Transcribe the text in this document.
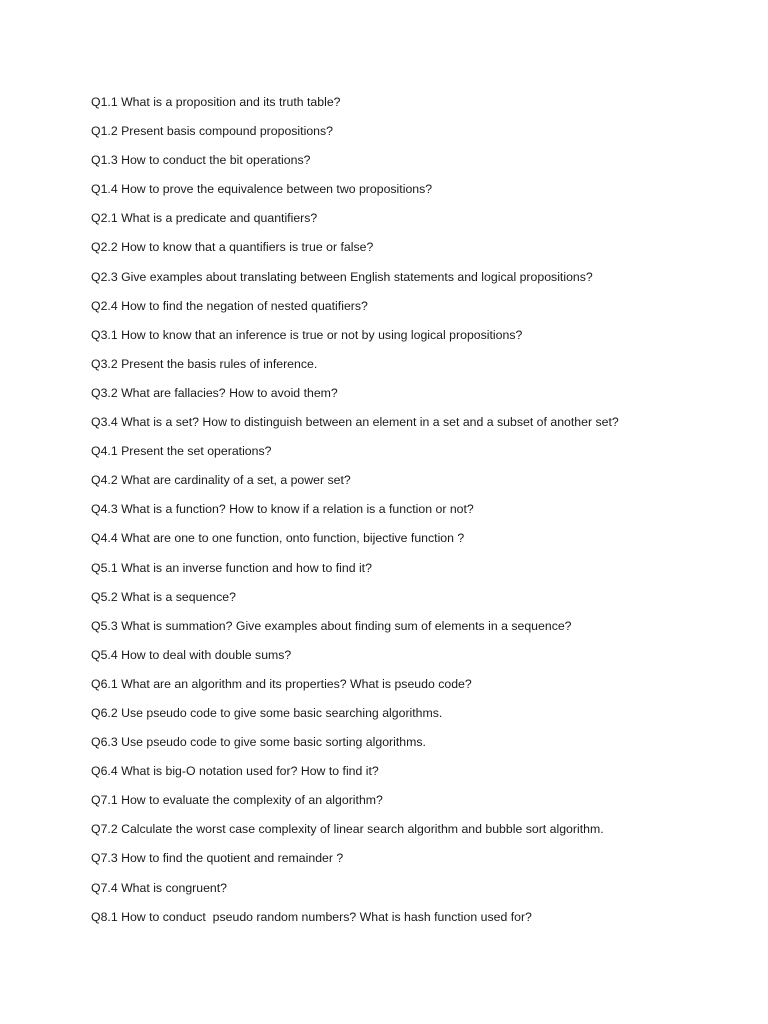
Q1.1 What is a proposition and its truth table?
Q1.2 Present basis compound propositions?
Q1.3 How to conduct the bit operations?
Q1.4 How to prove the equivalence between two propositions?
Q2.1 What is a predicate and quantifiers?
Q2.2 How to know that a quantifiers is true or false?
Q2.3 Give examples about translating between English statements and logical propositions?
Q2.4 How to find the negation of nested quatifiers?
Q3.1 How to know that an inference is true or not by using logical propositions?
Q3.2 Present the basis rules of inference.
Q3.2 What are fallacies? How to avoid them?
Q3.4 What is a set? How to distinguish between an element in a set and a subset of another set?
Q4.1 Present the set operations?
Q4.2 What are cardinality of a set, a power set?
Q4.3 What is a function? How to know if a relation is a function or not?
Q4.4 What are one to one function, onto function, bijective function ?
Q5.1 What is an inverse function and how to find it?
Q5.2 What is a sequence?
Q5.3 What is summation? Give examples about finding sum of elements in a sequence?
Q5.4 How to deal with double sums?
Q6.1 What are an algorithm and its properties? What is pseudo code?
Q6.2 Use pseudo code to give some basic searching algorithms.
Q6.3 Use pseudo code to give some basic sorting algorithms.
Q6.4 What is big-O notation used for? How to find it?
Q7.1 How to evaluate the complexity of an algorithm?
Q7.2 Calculate the worst case complexity of linear search algorithm and bubble sort algorithm.
Q7.3 How to find the quotient and remainder ?
Q7.4 What is congruent?
Q8.1 How to conduct  pseudo random numbers? What is hash function used for?
